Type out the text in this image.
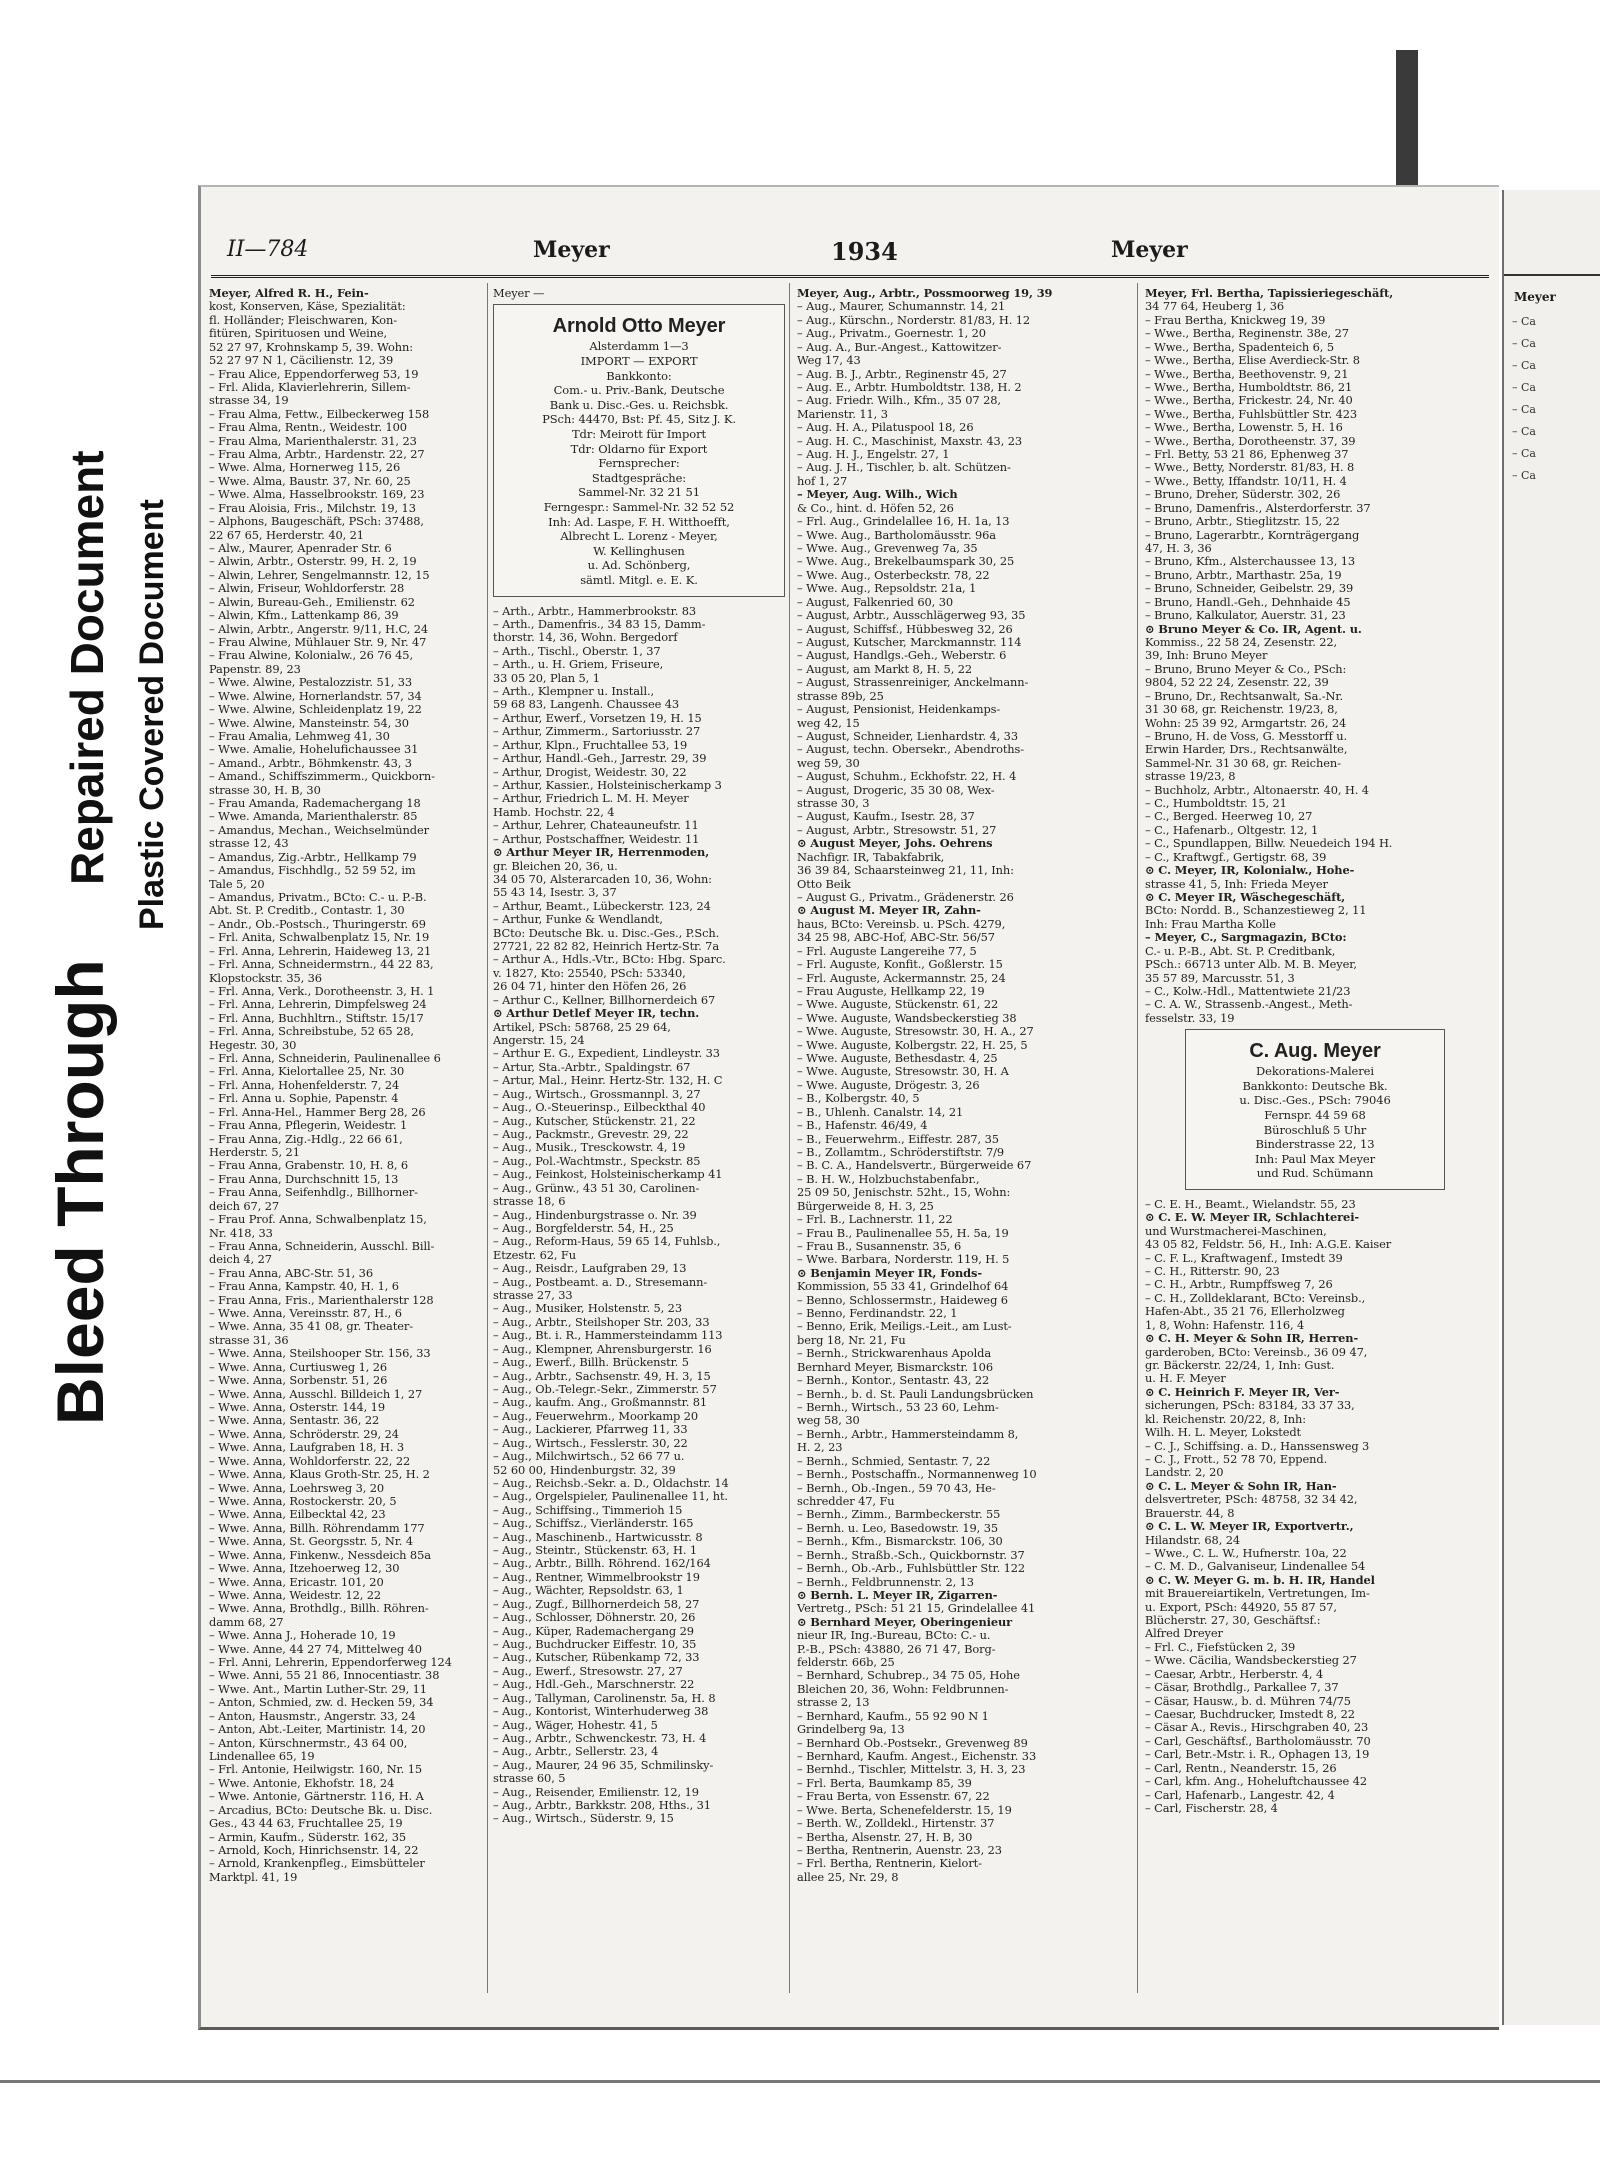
Bleed Through
Repaired Document Plastic Covered Document
II—784	Meyer	1934	Meyer
Meyer, Alfred R. H., Fein-
kost, Konserven, Käse, Spezialität:
fl. Holländer; Fleischwaren, Kon-
fitüren, Spirituosen und Weine,
52 27 97, Krohnskamp 5, 39. Wohn:
52 27 97 N 1, Cäcilienstr. 12, 39
– Frau Alice, Eppendorferweg 53, 19
– Frl. Alida, Klavierlehrerin, Sillem-
strasse 34, 19
– Frau Alma, Fettw., Eilbeckerweg 158
– Frau Alma, Rentn., Weidestr. 100
– Frau Alma, Marienthalerstr. 31, 23
– Frau Alma, Arbtr., Hardenstr. 22, 27
– Wwe. Alma, Hornerweg 115, 26
– Wwe. Alma, Baustr. 37, Nr. 60, 25
– Wwe. Alma, Hasselbrookstr. 169, 23
– Frau Aloisia, Fris., Milchstr. 19, 13
– Alphons, Baugeschäft, PSch: 37488,
22 67 65, Herderstr. 40, 21
– Alw., Maurer, Apenrader Str. 6
– Alwin, Arbtr., Osterstr. 99, H. 2, 19
– Alwin, Lehrer, Sengelmannstr. 12, 15
– Alwin, Friseur, Wohldorferstr. 28
– Alwin, Bureau-Geh., Emilienstr. 62
– Alwin, Kfm., Lattenkamp 86, 39
– Alwin, Arbtr., Angerstr. 9/11, H.C, 24
– Frau Alwine, Mühlauer Str. 9, Nr. 47
– Frau Alwine, Kolonialw., 26 76 45,
Papenstr. 89, 23
– Wwe. Alwine, Pestalozzistr. 51, 33
– Wwe. Alwine, Hornerlandstr. 57, 34
– Wwe. Alwine, Schleidenplatz 19, 22
– Wwe. Alwine, Mansteinstr. 54, 30
– Frau Amalia, Lehmweg 41, 30
– Wwe. Amalie, Hohelufichaussee 31
– Amand., Arbtr., Böhmkenstr. 43, 3
– Amand., Schiffszimmerm., Quickborn-
strasse 30, H. B, 30
– Frau Amanda, Rademachergang 18
– Wwe. Amanda, Marienthalerstr. 85
– Amandus, Mechan., Weichselmünder
strasse 12, 43
– Amandus, Zig.-Arbtr., Hellkamp 79
– Amandus, Fischhdlg., 52 59 52, im
Tale 5, 20
– Amandus, Privatm., BCto: C.- u. P.-B.
Abt. St. P. Creditb., Contastr. 1, 30
– Andr., Ob.-Postsch., Thuringerstr. 69
– Frl. Anita, Schwalbenplatz 15, Nr. 19
– Frl. Anna, Lehrerin, Haideweg 13, 21
– Frl. Anna, Schneidermstrn., 44 22 83,
Klopstockstr. 35, 36
– Frl. Anna, Verk., Dorotheenstr. 3, H. 1
– Frl. Anna, Lehrerin, Dimpfelsweg 24
– Frl. Anna, Buchhltrn., Stiftstr. 15/17
– Frl. Anna, Schreibstube, 52 65 28,
Hegestr. 30, 30
– Frl. Anna, Schneiderin, Paulinenallee 6
– Frl. Anna, Kielortallee 25, Nr. 30
– Frl. Anna, Hohenfelderstr. 7, 24
– Frl. Anna u. Sophie, Papenstr. 4
– Frl. Anna-Hel., Hammer Berg 28, 26
– Frau Anna, Pflegerin, Weidestr. 1
– Frau Anna, Zig.-Hdlg., 22 66 61,
Herderstr. 5, 21
– Frau Anna, Grabenstr. 10, H. 8, 6
– Frau Anna, Durchschnitt 15, 13
– Frau Anna, Seifenhdlg., Billhorner-
deich 67, 27
– Frau Prof. Anna, Schwalbenplatz 15,
Nr. 418, 33
– Frau Anna, Schneiderin, Ausschl. Bill-
deich 4, 27
– Frau Anna, ABC-Str. 51, 36
– Frau Anna, Kampstr. 40, H. 1, 6
– Frau Anna, Fris., Marienthalerstr 128
– Wwe. Anna, Vereinsstr. 87, H., 6
– Wwe. Anna, 35 41 08, gr. Theater-
strasse 31, 36
– Wwe. Anna, Steilshooper Str. 156, 33
– Wwe. Anna, Curtiusweg 1, 26
– Wwe. Anna, Sorbenstr. 51, 26
– Wwe. Anna, Ausschl. Billdeich 1, 27
– Wwe. Anna, Osterstr. 144, 19
– Wwe. Anna, Sentastr. 36, 22
– Wwe. Anna, Schröderstr. 29, 24
– Wwe. Anna, Laufgraben 18, H. 3
– Wwe. Anna, Wohldorferstr. 22, 22
– Wwe. Anna, Klaus Groth-Str. 25, H. 2
– Wwe. Anna, Loehrsweg 3, 20
– Wwe. Anna, Rostockerstr. 20, 5
– Wwe. Anna, Eilbecktal 42, 23
– Wwe. Anna, Billh. Röhrendamm 177
– Wwe. Anna, St. Georgsstr. 5, Nr. 4
– Wwe. Anna, Finkenw., Nessdeich 85a
– Wwe. Anna, Itzehoerweg 12, 30
– Wwe. Anna, Ericastr. 101, 20
– Wwe. Anna, Weidestr. 12, 22
– Wwe. Anna, Brothdlg., Billh. Röhren-
damm 68, 27
– Wwe. Anna J., Hoherade 10, 19
– Wwe. Anne, 44 27 74, Mittelweg 40
– Frl. Anni, Lehrerin, Eppendorferweg 124
– Wwe. Anni, 55 21 86, Innocentiastr. 38
– Wwe. Ant., Martin Luther-Str. 29, 11
– Anton, Schmied, zw. d. Hecken 59, 34
– Anton, Hausmstr., Angerstr. 33, 24
– Anton, Abt.-Leiter, Martinistr. 14, 20
– Anton, Kürschnermstr., 43 64 00,
Lindenallee 65, 19
– Frl. Antonie, Heilwigstr. 160, Nr. 15
– Wwe. Antonie, Ekhofstr. 18, 24
– Wwe. Antonie, Gärtnerstr. 116, H. A
– Arcadius, BCto: Deutsche Bk. u. Disc.
Ges., 43 44 63, Fruchtallee 25, 19
– Armin, Kaufm., Süderstr. 162, 35
– Arnold, Koch, Hinrichsenstr. 14, 22
– Arnold, Krankenpfleg., Eimsbütteler
Marktpl. 41, 19
Meyer —
Arnold Otto Meyer
Alsterdamm 1—3
IMPORT — EXPORT
Bankkonto:
Com.- u. Priv.-Bank, Deutsche
Bank u. Disc.-Ges. u. Reichsbk.
PSch: 44470, Bst: Pf. 45, Sitz J. K.
Tdr: Meirott für Import
Tdr: Oldarno für Export
Fernsprecher:
Stadtgespräche:
Sammel-Nr. 32 21 51
Ferngespr.: Sammel-Nr. 32 52 52
Inh: Ad. Laspe, F. H. Witthoefft,
Albrecht L. Lorenz - Meyer,
W. Kellinghusen
u. Ad. Schönberg,
sämtl. Mitgl. e. E. K.
– Arth., Arbtr., Hammerbrookstr. 83
– Arth., Damenfris., 34 83 15, Damm-
thorstr. 14, 36, Wohn. Bergedorf
– Arth., Tischl., Oberstr. 1, 37
– Arth., u. H. Griem, Friseure,
33 05 20, Plan 5, 1
– Arth., Klempner u. Install.,
59 68 83, Langenh. Chaussee 43
– Arthur, Ewerf., Vorsetzen 19, H. 15
– Arthur, Zimmerm., Sartoriusstr. 27
– Arthur, Klpn., Fruchtallee 53, 19
– Arthur, Handl.-Geh., Jarrestr. 29, 39
– Arthur, Drogist, Weidestr. 30, 22
– Arthur, Kassier., Holsteinischerkamp 3
– Arthur, Friedrich L. M. H. Meyer
Hamb. Hochstr. 22, 4
– Arthur, Lehrer, Chateauneufstr. 11
– Arthur, Postschaffner, Weidestr. 11
⊙ Arthur Meyer IR, Herrenmoden,
gr. Bleichen 20, 36, u.
34 05 70, Alsterarcaden 10, 36, Wohn:
55 43 14, Isestr. 3, 37
– Arthur, Beamt., Lübeckerstr. 123, 24
– Arthur, Funke & Wendlandt,
BCto: Deutsche Bk. u. Disc.-Ges., P.Sch.
27721, 22 82 82, Heinrich Hertz-Str. 7a
– Arthur A., Hdls.-Vtr., BCto: Hbg. Sparc.
v. 1827, Kto: 25540, PSch: 53340,
26 04 71, hinter den Höfen 26, 26
– Arthur C., Kellner, Billhornerdeich 67
⊙ Arthur Detlef Meyer IR, techn.
Artikel, PSch: 58768, 25 29 64,
Angerstr. 15, 24
– Arthur E. G., Expedient, Lindleystr. 33
– Artur, Sta.-Arbtr., Spaldingstr. 67
– Artur, Mal., Heinr. Hertz-Str. 132, H. C
– Aug., Wirtsch., Grossmannpl. 3, 27
– Aug., O.-Steuerinsp., Eilbeckthal 40
– Aug., Kutscher, Stückenstr. 21, 22
– Aug., Packmstr., Grevestr. 29, 22
– Aug., Musik., Tresckowstr. 4, 19
– Aug., Pol.-Wachtmstr., Speckstr. 85
– Aug., Feinkost, Holsteinischerkamp 41
– Aug., Grünw., 43 51 30, Carolinen-
strasse 18, 6
– Aug., Hindenburgstrasse o. Nr. 39
– Aug., Borgfelderstr. 54, H., 25
– Aug., Reform-Haus, 59 65 14, Fuhlsb.,
Etzestr. 62, Fu
– Aug., Reisdr., Laufgraben 29, 13
– Aug., Postbeamt. a. D., Stresemann-
strasse 27, 33
– Aug., Musiker, Holstenstr. 5, 23
– Aug., Arbtr., Steilshoper Str. 203, 33
– Aug., Bt. i. R., Hammersteindamm 113
– Aug., Klempner, Ahrensburgerstr. 16
– Aug., Ewerf., Billh. Brückenstr. 5
– Aug., Arbtr., Sachsenstr. 49, H. 3, 15
– Aug., Ob.-Telegr.-Sekr., Zimmerstr. 57
– Aug., kaufm. Ang., Großmannstr. 81
– Aug., Feuerwehrm., Moorkamp 20
– Aug., Lackierer, Pfarrweg 11, 33
– Aug., Wirtsch., Fesslerstr. 30, 22
– Aug., Milchwirtsch., 52 66 77 u.
52 60 00, Hindenburgstr. 32, 39
– Aug., Reichsb.-Sekr. a. D., Oldachstr. 14
– Aug., Orgelspieler, Paulinenallee 11, ht.
– Aug., Schiffsing., Timmerioh 15
– Aug., Schiffsz., Vierländerstr. 165
– Aug., Maschinenb., Hartwicusstr. 8
– Aug., Steintr., Stückenstr. 63, H. 1
– Aug., Arbtr., Billh. Röhrend. 162/164
– Aug., Rentner, Wimmelbrookstr 19
– Aug., Wächter, Repsoldstr. 63, 1
– Aug., Zugf., Billhornerdeich 58, 27
– Aug., Schlosser, Döhnerstr. 20, 26
– Aug., Küper, Rademachergang 29
– Aug., Buchdrucker Eiffestr. 10, 35
– Aug., Kutscher, Rübenkamp 72, 33
– Aug., Ewerf., Stresowstr. 27, 27
– Aug., Hdl.-Geh., Marschnerstr. 22
– Aug., Tallyman, Carolinenstr. 5a, H. 8
– Aug., Kontorist, Winterhuderweg 38
– Aug., Wäger, Hohestr. 41, 5
– Aug., Arbtr., Schwenckestr. 73, H. 4
– Aug., Arbtr., Sellerstr. 23, 4
– Aug., Maurer, 24 96 35, Schmilinsky-
strasse 60, 5
– Aug., Reisender, Emilienstr. 12, 19
– Aug., Arbtr., Barkkstr. 208, Hths., 31
– Aug., Wirtsch., Süderstr. 9, 15
Meyer, Aug., Arbtr., Possmoorweg 19, 39
– Aug., Maurer, Schumannstr. 14, 21
– Aug., Kürschn., Norderstr. 81/83, H. 12
– Aug., Privatm., Goernestr. 1, 20
– Aug. A., Bur.-Angest., Kattowitzer-
Weg 17, 43
– Aug. B. J., Arbtr., Reginenstr 45, 27
– Aug. E., Arbtr. Humboldtstr. 138, H. 2
– Aug. Friedr. Wilh., Kfm., 35 07 28,
Marienstr. 11, 3
– Aug. H. A., Pilatuspool 18, 26
– Aug. H. C., Maschinist, Maxstr. 43, 23
– Aug. H. J., Engelstr. 27, 1
– Aug. J. H., Tischler, b. alt. Schützen-
hof 1, 27
– Meyer, Aug. Wilh., Wich
& Co., hint. d. Höfen 52, 26
– Frl. Aug., Grindelallee 16, H. 1a, 13
– Wwe. Aug., Bartholomäusstr. 96a
– Wwe. Aug., Grevenweg 7a, 35
– Wwe. Aug., Brekelbaumspark 30, 25
– Wwe. Aug., Osterbeckstr. 78, 22
– Wwe. Aug., Repsoldstr. 21a, 1
– August, Falkenried 60, 30
– August, Arbtr., Ausschlägerweg 93, 35
– August, Schiffsf., Hübbesweg 32, 26
– August, Kutscher, Marckmannstr. 114
– August, Handlgs.-Geh., Weberstr. 6
– August, am Markt 8, H. 5, 22
– August, Strassenreiniger, Anckelmann-
strasse 89b, 25
– August, Pensionist, Heidenkamps-
weg 42, 15
– August, Schneider, Lienhardstr. 4, 33
– August, techn. Obersekr., Abendroths-
weg 59, 30
– August, Schuhm., Eckhofstr. 22, H. 4
– August, Drogeric, 35 30 08, Wex-
strasse 30, 3
– August, Kaufm., Isestr. 28, 37
– August, Arbtr., Stresowstr. 51, 27
⊙ August Meyer, Johs. Oehrens
Nachfigr. IR, Tabakfabrik,
36 39 84, Schaarsteinweg 21, 11, Inh:
Otto Beik
– August G., Privatm., Grädenerstr. 26
⊙ August M. Meyer IR, Zahn-
haus, BCto: Vereinsb. u. PSch. 4279,
34 25 98, ABC-Hof, ABC-Str. 56/57
– Frl. Auguste Langereihe 77, 5
– Frl. Auguste, Konfit., Goßlerstr. 15
– Frl. Auguste, Ackermannstr. 25, 24
– Frau Auguste, Hellkamp 22, 19
– Wwe. Auguste, Stückenstr. 61, 22
– Wwe. Auguste, Wandsbeckerstieg 38
– Wwe. Auguste, Stresowstr. 30, H. A., 27
– Wwe. Auguste, Kolbergstr. 22, H. 25, 5
– Wwe. Auguste, Bethesdastr. 4, 25
– Wwe. Auguste, Stresowstr. 30, H. A
– Wwe. Auguste, Drögestr. 3, 26
– B., Kolbergstr. 40, 5
– B., Uhlenh. Canalstr. 14, 21
– B., Hafenstr. 46/49, 4
– B., Feuerwehrm., Eiffestr. 287, 35
– B., Zollamtm., Schröderstiftstr. 7/9
– B. C. A., Handelsvertr., Bürgerweide 67
– B. H. W., Holzbuchstabenfabr.,
25 09 50, Jenischstr. 52ht., 15, Wohn:
Bürgerweide 8, H. 3, 25
– Frl. B., Lachnerstr. 11, 22
– Frau B., Paulinenallee 55, H. 5a, 19
– Frau B., Susannenstr. 35, 6
– Wwe. Barbara, Norderstr. 119, H. 5
⊙ Benjamin Meyer IR, Fonds-
Kommission, 55 33 41, Grindelhof 64
– Benno, Schlossermstr., Haideweg 6
– Benno, Ferdinandstr. 22, 1
– Benno, Erik, Meiligs.-Leit., am Lust-
berg 18, Nr. 21, Fu
– Bernh., Strickwarenhaus Apolda
Bernhard Meyer, Bismarckstr. 106
– Bernh., Kontor., Sentastr. 43, 22
– Bernh., b. d. St. Pauli Landungsbrücken
– Bernh., Wirtsch., 53 23 60, Lehm-
weg 58, 30
– Bernh., Arbtr., Hammersteindamm 8,
H. 2, 23
– Bernh., Schmied, Sentastr. 7, 22
– Bernh., Postschaffn., Normannenweg 10
– Bernh., Ob.-Ingen., 59 70 43, He-
schredder 47, Fu
– Bernh., Zimm., Barmbeckerstr. 55
– Bernh. u. Leo, Basedowstr. 19, 35
– Bernh., Kfm., Bismarckstr. 106, 30
– Bernh., Straßb.-Sch., Quickbornstr. 37
– Bernh., Ob.-Arb., Fuhlsbüttler Str. 122
– Bernh., Feldbrunnenstr. 2, 13
⊙ Bernh. L. Meyer IR, Zigarren-
Vertretg., PSch: 51 21 15, Grindelallee 41
⊙ Bernhard Meyer, Oberingenieur
nieur IR, Ing.-Bureau, BCto: C.- u.
P.-B., PSch: 43880, 26 71 47, Borg-
felderstr. 66b, 25
– Bernhard, Schubrep., 34 75 05, Hohe
Bleichen 20, 36, Wohn: Feldbrunnen-
strasse 2, 13
– Bernhard, Kaufm., 55 92 90 N 1
Grindelberg 9a, 13
– Bernhard Ob.-Postsekr., Grevenweg 89
– Bernhard, Kaufm. Angest., Eichenstr. 33
– Bernhd., Tischler, Mittelstr. 3, H. 3, 23
– Frl. Berta, Baumkamp 85, 39
– Frau Berta, von Essenstr. 67, 22
– Wwe. Berta, Schenefelderstr. 15, 19
– Berth. W., Zolldekl., Hirtenstr. 37
– Bertha, Alsenstr. 27, H. B, 30
– Bertha, Rentnerin, Auenstr. 23, 23
– Frl. Bertha, Rentnerin, Kielort-
allee 25, Nr. 29, 8
Meyer, Frl. Bertha, Tapissieriegeschäft,
34 77 64, Heuberg 1, 36
– Frau Bertha, Knickweg 19, 39
– Wwe., Bertha, Reginenstr. 38e, 27
– Wwe., Bertha, Spadenteich 6, 5
– Wwe., Bertha, Elise Averdieck-Str. 8
– Wwe., Bertha, Beethovenstr. 9, 21
– Wwe., Bertha, Humboldtstr. 86, 21
– Wwe., Bertha, Frickestr. 24, Nr. 40
– Wwe., Bertha, Fuhlsbüttler Str. 423
– Wwe., Bertha, Lowenstr. 5, H. 16
– Wwe., Bertha, Dorotheenstr. 37, 39
– Frl. Betty, 53 21 86, Ephenweg 37
– Wwe., Betty, Norderstr. 81/83, H. 8
– Wwe., Betty, Iffandstr. 10/11, H. 4
– Bruno, Dreher, Süderstr. 302, 26
– Bruno, Damenfris., Alsterdorferstr. 37
– Bruno, Arbtr., Stieglitzstr. 15, 22
– Bruno, Lagerarbtr., Kornträgergang
47, H. 3, 36
– Bruno, Kfm., Alsterchaussee 13, 13
– Bruno, Arbtr., Marthastr. 25a, 19
– Bruno, Schneider, Geibelstr. 29, 39
– Bruno, Handl.-Geh., Dehnhaide 45
– Bruno, Kalkulator, Auerstr. 31, 23
⊙ Bruno Meyer & Co. IR, Agent. u.
Kommiss., 22 58 24, Zesenstr. 22,
39, Inh: Bruno Meyer
– Bruno, Bruno Meyer & Co., PSch:
9804, 52 22 24, Zesenstr. 22, 39
– Bruno, Dr., Rechtsanwalt, Sa.-Nr.
31 30 68, gr. Reichenstr. 19/23, 8,
Wohn: 25 39 92, Armgartstr. 26, 24
– Bruno, H. de Voss, G. Messtorff u.
Erwin Harder, Drs., Rechtsanwälte,
Sammel-Nr. 31 30 68, gr. Reichen-
strasse 19/23, 8
– Buchholz, Arbtr., Altonaerstr. 40, H. 4
– C., Humboldtstr. 15, 21
– C., Berged. Heerweg 10, 27
– C., Hafenarb., Oltgestr. 12, 1
– C., Spundlappen, Billw. Neuedeich 194 H.
– C., Kraftwgf., Gertigstr. 68, 39
⊙ C. Meyer, IR, Kolonialw., Hohe-
strasse 41, 5, Inh: Frieda Meyer
⊙ C. Meyer IR, Wäschegeschäft,
BCto: Nordd. B., Schanzestieweg 2, 11
Inh: Frau Martha Kolle
– Meyer, C., Sargmagazin, BCto:
C.- u. P.-B., Abt. St. P. Creditbank,
PSch.: 66713 unter Alb. M. B. Meyer,
35 57 89, Marcusstr. 51, 3
– C., Kolw.-Hdl., Mattentwiete 21/23
– C. A. W., Strassenb.-Angest., Meth-
fesselstr. 33, 19
C. Aug. Meyer
Dekorations-Malerei
Bankkonto: Deutsche Bk.
u. Disc.-Ges., PSch: 79046
Fernspr. 44 59 68
Büroschluß 5 Uhr
Binderstrasse 22, 13
Inh: Paul Max Meyer
und Rud. Schümann
– C. E. H., Beamt., Wielandstr. 55, 23
⊙ C. E. W. Meyer IR, Schlachterei-
und Wurstmacherei-Maschinen,
43 05 82, Feldstr. 56, H., Inh: A.G.E. Kaiser
– C. F. L., Kraftwagenf., Imstedt 39
– C. H., Ritterstr. 90, 23
– C. H., Arbtr., Rumpffsweg 7, 26
– C. H., Zolldeklarant, BCto: Vereinsb.,
Hafen-Abt., 35 21 76, Ellerholzweg
1, 8, Wohn: Hafenstr. 116, 4
⊙ C. H. Meyer & Sohn IR, Herren-
garderoben, BCto: Vereinsb., 36 09 47,
gr. Bäckerstr. 22/24, 1, Inh: Gust.
u. H. F. Meyer
⊙ C. Heinrich F. Meyer IR, Ver-
sicherungen, PSch: 83184, 33 37 33,
kl. Reichenstr. 20/22, 8, Inh:
Wilh. H. L. Meyer, Lokstedt
– C. J., Schiffsing. a. D., Hanssensweg 3
– C. J., Frott., 52 78 70, Eppend.
Landstr. 2, 20
⊙ C. L. Meyer & Sohn IR, Han-
delsvertreter, PSch: 48758, 32 34 42,
Brauerstr. 44, 8
⊙ C. L. W. Meyer IR, Exportvertr.,
Hilandstr. 68, 24
– Wwe., C. L. W., Hufnerstr. 10a, 22
– C. M. D., Galvaniseur, Lindenallee 54
⊙ C. W. Meyer G. m. b. H. IR, Handel
mit Brauereiartikeln, Vertretungen, Im-
u. Export, PSch: 44920, 55 87 57,
Blücherstr. 27, 30, Geschäftsf.:
Alfred Dreyer
– Frl. C., Fiefstücken 2, 39
– Wwe. Cäcilia, Wandsbeckerstieg 27
– Caesar, Arbtr., Herberstr. 4, 4
– Cäsar, Brothdlg., Parkallee 7, 37
– Cäsar, Hausw., b. d. Mühren 74/75
– Caesar, Buchdrucker, Imstedt 8, 22
– Cäsar A., Revis., Hirschgraben 40, 23
– Carl, Geschäftsf., Bartholomäusstr. 70
– Carl, Betr.-Mstr. i. R., Ophagen 13, 19
– Carl, Rentn., Neanderstr. 15, 26
– Carl, kfm. Ang., Hoheluftchaussee 42
– Carl, Hafenarb., Langestr. 42, 4
– Carl, Fischerstr. 28, 4
Meyer
– Ca
– Ca
– Ca
– Ca
– Ca
– Ca
– Ca
– Ca
